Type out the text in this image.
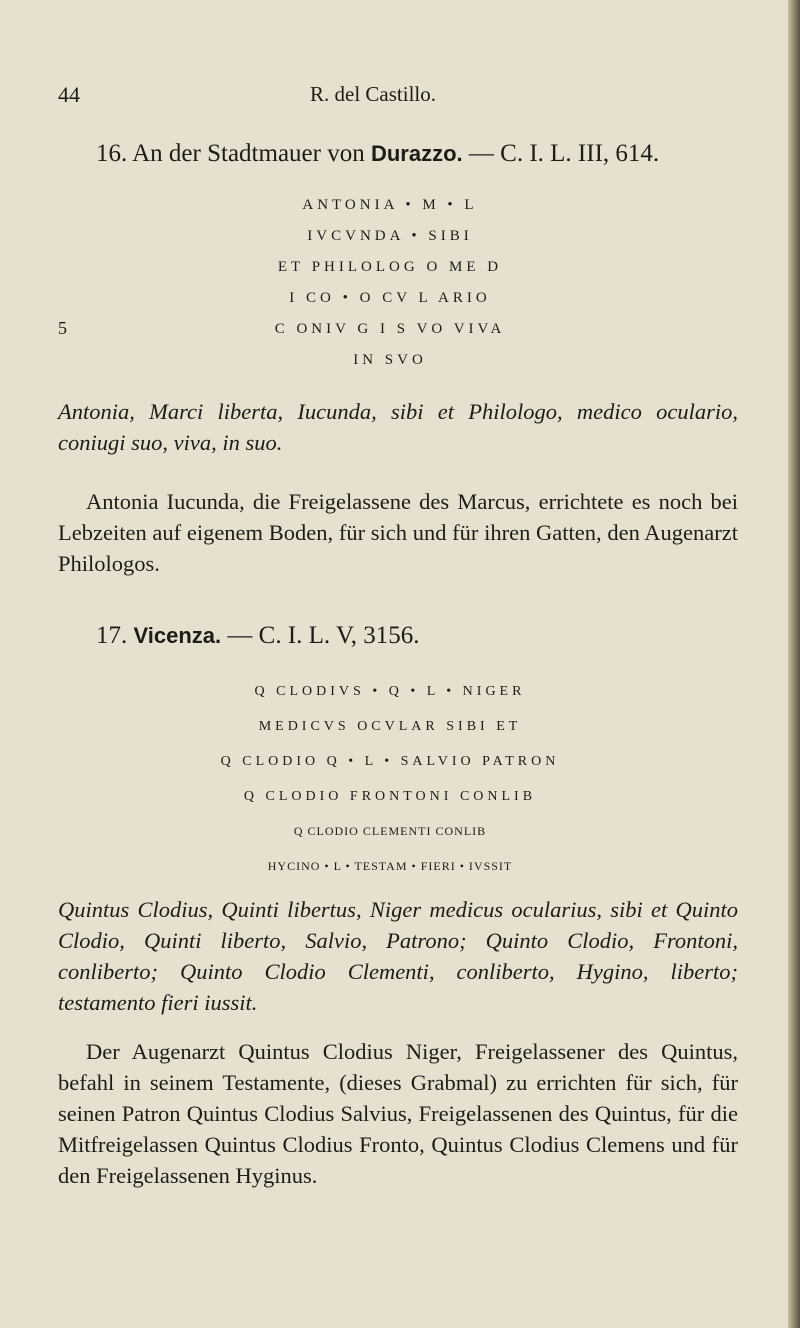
44	R. del Castillo.
16. An der Stadtmauer von Durazzo. — C. I. L. III, 614.
ANTONIA • M • L
IVCVNDA • SIBI
ET PHILOLOG O ME D
I CO • O CV L ARIO
C ONIV G I S VO VIVA
IN SVO
5
Antonia, Marci liberta, Iucunda, sibi et Philologo, medico oculario, coniugi suo, viva, in suo.
Antonia Iucunda, die Freigelassene des Marcus, errichtete es noch bei Lebzeiten auf eigenem Boden, für sich und für ihren Gatten, den Augenarzt Philologos.
17. Vicenza. — C. I. L. V, 3156.
Q CLODIVS • Q • L • NIGER
MEDICVS OCVLAR SIBI ET
Q CLODIO Q • L • SALVIO PATRON
Q CLODIO FRONTONI CONLIB
Q CLODIO CLEMENTI CONLIB
HYCINO • L • TESTAM • FIERI • IVSSIT
Quintus Clodius, Quinti libertus, Niger medicus ocularius, sibi et Quinto Clodio, Quinti liberto, Salvio, Patrono; Quinto Clodio, Frontoni, conliberto; Quinto Clodio Clementi, conliberto, Hygino, liberto; testamento fieri iussit.
Der Augenarzt Quintus Clodius Niger, Freigelassener des Quintus, befahl in seinem Testamente, (dieses Grabmal) zu errichten für sich, für seinen Patron Quintus Clodius Salvius, Freigelassenen des Quintus, für die Mitfreigelassen Quintus Clodius Fronto, Quintus Clodius Clemens und für den Freigelassenen Hyginus.
